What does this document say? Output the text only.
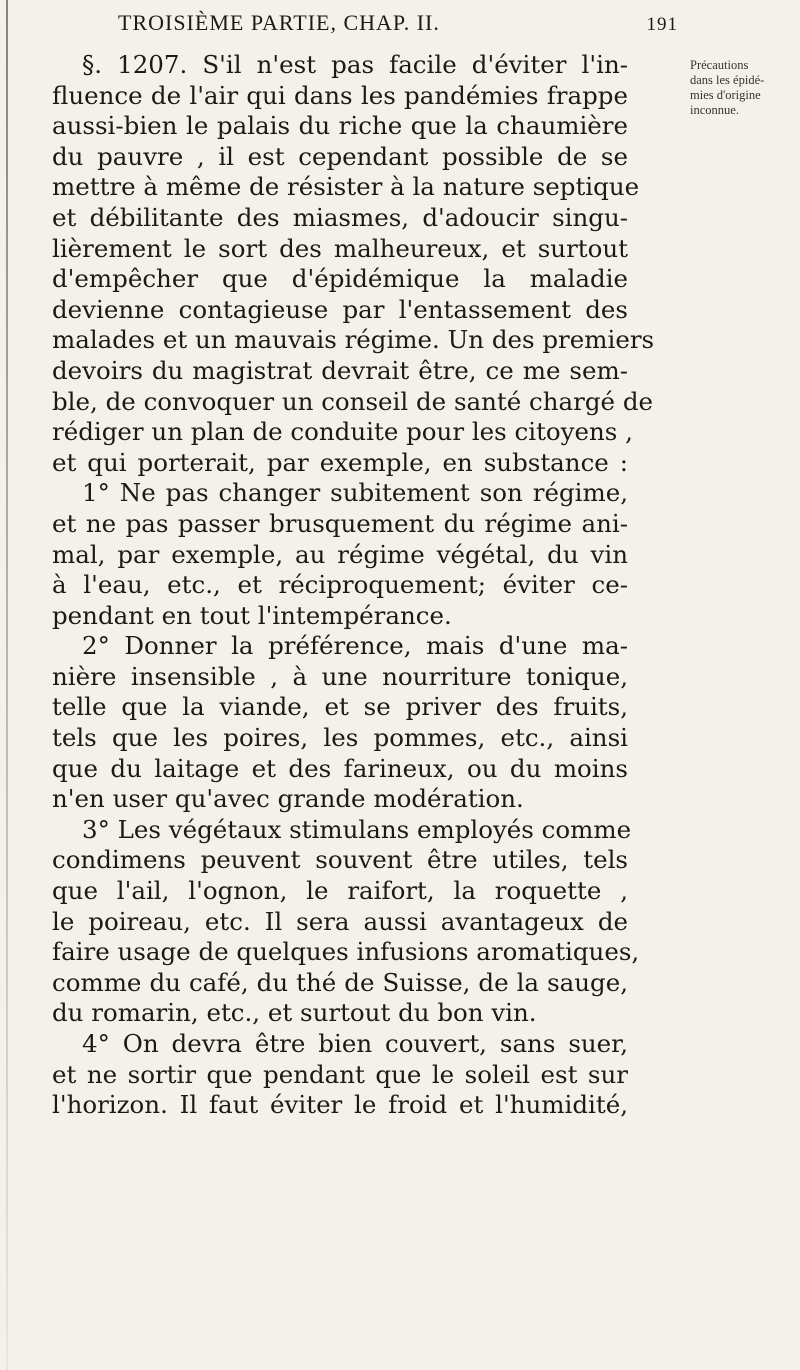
TROISIÈME PARTIE, CHAP. II.	191
Précautions
dans les épidé-
mies d'origine
inconnue.
§. 1207. S'il n'est pas facile d'éviter l'in-
fluence de l'air qui dans les pandémies frappe
aussi-bien le palais du riche que la chaumière
du pauvre , il est cependant possible de se
mettre à même de résister à la nature septique
et débilitante des miasmes, d'adoucir singu-
lièrement le sort des malheureux, et surtout
d'empêcher que d'épidémique la maladie
devienne contagieuse par l'entassement des
malades et un mauvais régime. Un des premiers
devoirs du magistrat devrait être, ce me sem-
ble, de convoquer un conseil de santé chargé de
rédiger un plan de conduite pour les citoyens ,
et qui porterait, par exemple, en substance :
1° Ne pas changer subitement son régime,
et ne pas passer brusquement du régime ani-
mal, par exemple, au régime végétal, du vin
à l'eau, etc., et réciproquement; éviter ce-
pendant en tout l'intempérance.
2° Donner la préférence, mais d'une ma-
nière insensible , à une nourriture tonique,
telle que la viande, et se priver des fruits,
tels que les poires, les pommes, etc., ainsi
que du laitage et des farineux, ou du moins
n'en user qu'avec grande modération.
3° Les végétaux stimulans employés comme
condimens peuvent souvent être utiles, tels
que l'ail, l'ognon, le raifort, la roquette ,
le poireau, etc. Il sera aussi avantageux de
faire usage de quelques infusions aromatiques,
comme du café, du thé de Suisse, de la sauge,
du romarin, etc., et surtout du bon vin.
4° On devra être bien couvert, sans suer,
et ne sortir que pendant que le soleil est sur
l'horizon. Il faut éviter le froid et l'humidité,
